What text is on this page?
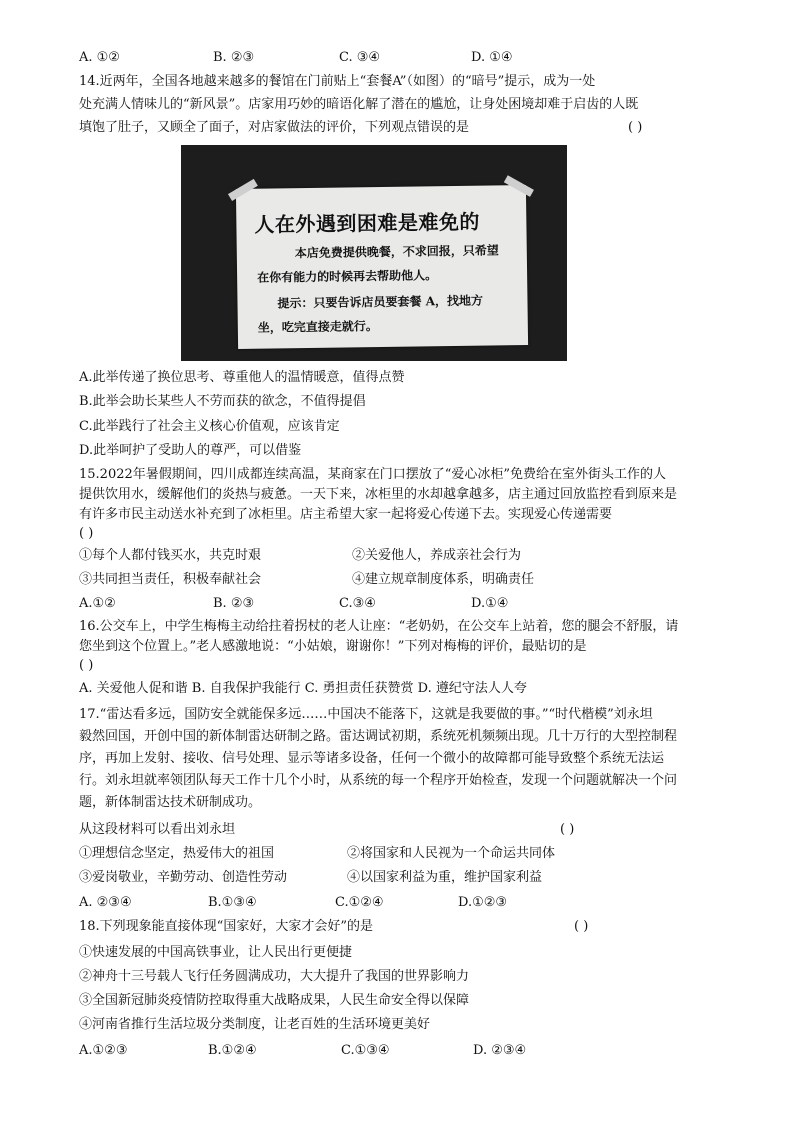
A. ①②	B. ②③	C. ③④	D. ①④
14.近两年，全国各地越来越多的餐馆在门前贴上“套餐A”（如图）的“暗号”提示，成为一处
处充满人情味儿的“新风景”。店家用巧妙的暗语化解了潜在的尴尬，让身处困境却难于启齿的人既
填饱了肚子，又顾全了面子，对店家做法的评价，下列观点错误的是	( )
人在外遇到困难是难免的
本店免费提供晚餐，不求回报，只希望
在你有能力的时候再去帮助他人。
提示：只要告诉店员要套餐 A，找地方
坐，吃完直接走就行。
A.此举传递了换位思考、尊重他人的温情暖意，值得点赞
B.此举会助长某些人不劳而获的欲念，不值得提倡
C.此举践行了社会主义核心价值观，应该肯定
D.此举呵护了受助人的尊严，可以借鉴
15.2022年暑假期间，四川成都连续高温，某商家在门口摆放了“爱心冰柜”免费给在室外街头工作的人
提供饮用水，缓解他们的炎热与疲惫。一天下来，冰柜里的水却越拿越多，店主通过回放监控看到原来是
有许多市民主动送水补充到了冰柜里。店主希望大家一起将爱心传递下去。实现爱心传递需要
( )
①每个人都付钱买水，共克时艰	②关爱他人，养成亲社会行为
③共同担当责任，积极奉献社会	④建立规章制度体系，明确责任
A.①②	B. ②③	C.③④	D.①④
16.公交车上，中学生梅梅主动给拄着拐杖的老人让座：“老奶奶，在公交车上站着，您的腿会不舒服，请
您坐到这个位置上。”老人感激地说：“小姑娘，谢谢你！”下列对梅梅的评价，最贴切的是
( )
A. 关爱他人促和谐 B. 自我保护我能行 C. 勇担责任获赞赏 D. 遵纪守法人人夸
17.“雷达看多远，国防安全就能保多远……中国决不能落下，这就是我要做的事。”“时代楷模”刘永坦
毅然回国，开创中国的新体制雷达研制之路。雷达调试初期，系统死机频频出现。几十万行的大型控制程
序，再加上发射、接收、信号处理、显示等诸多设备，任何一个微小的故障都可能导致整个系统无法运
行。刘永坦就率领团队每天工作十几个小时，从系统的每一个程序开始检查，发现一个问题就解决一个问
题，新体制雷达技术研制成功。
从这段材料可以看出刘永坦	( )
①理想信念坚定，热爱伟大的祖国	②将国家和人民视为一个命运共同体
③爱岗敬业，辛勤劳动、创造性劳动	④以国家利益为重，维护国家利益
A. ②③④	B.①③④	C.①②④	D.①②③
18.下列现象能直接体现“国家好，大家才会好”的是	( )
①快速发展的中国高铁事业，让人民出行更便捷
②神舟十三号载人飞行任务圆满成功，大大提升了我国的世界影响力
③全国新冠肺炎疫情防控取得重大战略成果，人民生命安全得以保障
④河南省推行生活垃圾分类制度，让老百姓的生活环境更美好
A.①②③	B.①②④	C.①③④	D. ②③④
